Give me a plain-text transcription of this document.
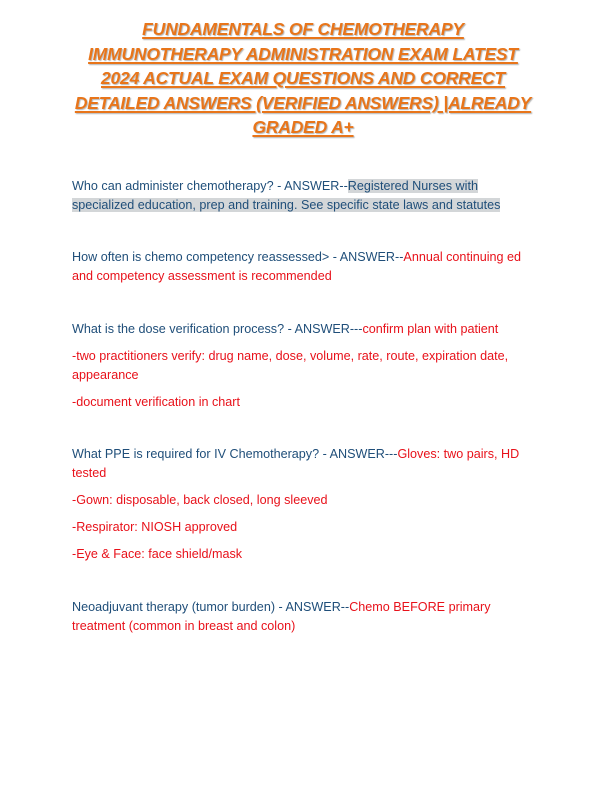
FUNDAMENTALS OF CHEMOTHERAPY
IMMUNOTHERAPY ADMINISTRATION EXAM LATEST
2024 ACTUAL EXAM QUESTIONS AND CORRECT
DETAILED ANSWERS (VERIFIED ANSWERS) |ALREADY
GRADED A+

Who can administer chemotherapy? - ANSWER--Registered Nurses with
specialized education, prep and training. See specific state laws and statutes

How often is chemo competency reassessed> - ANSWER--Annual continuing ed
and competency assessment is recommended

What is the dose verification process? - ANSWER---confirm plan with patient

-two practitioners verify: drug name, dose, volume, rate, route, expiration date,
appearance

-document verification in chart

What PPE is required for IV Chemotherapy? - ANSWER---Gloves: two pairs, HD
tested

-Gown: disposable, back closed, long sleeved

-Respirator: NIOSH approved

-Eye & Face: face shield/mask

Neoadjuvant therapy (tumor burden) - ANSWER--Chemo BEFORE primary
treatment (common in breast and colon)
